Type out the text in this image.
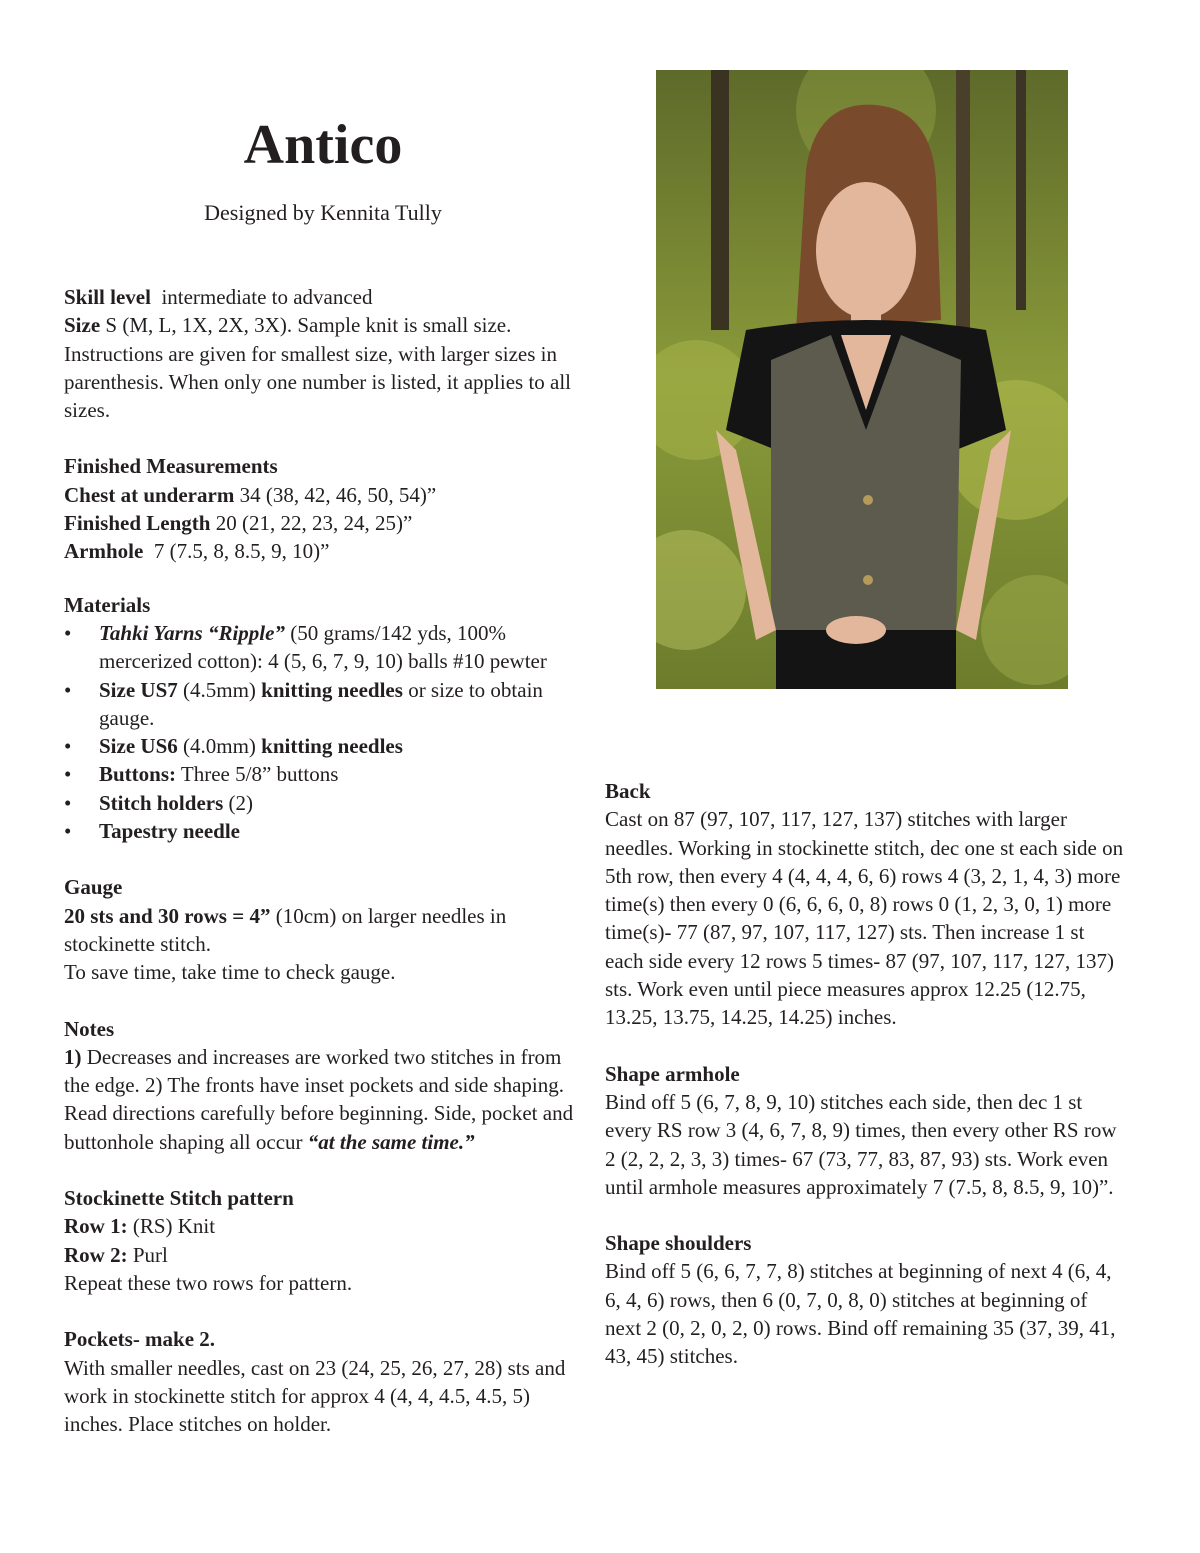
Antico

Designed by Kennita Tully

Skill level intermediate to advanced

Size S (M, L, 1X, 2X, 3X). Sample knit is small size. Instructions are given for smallest size, with larger sizes in parenthesis. When only one number is listed, it applies to all sizes.

Finished Measurements

Chest at underarm 34 (38, 42, 46, 50, 54)”

Finished Length 20 (21, 22, 23, 24, 25)”

Armhole 7 (7.5, 8, 8.5, 9, 10)”

Materials

• Tahki Yarns “Ripple” (50 grams/142 yds, 100% mercerized cotton): 4 (5, 6, 7, 9, 10) balls #10 pewter
• Size US7 (4.5mm) knitting needles or size to obtain gauge.
• Size US6 (4.0mm) knitting needles
• Buttons: Three 5/8” buttons
• Stitch holders (2)
• Tapestry needle

Gauge

20 sts and 30 rows = 4” (10cm) on larger needles in stockinette stitch.

To save time, take time to check gauge.

Notes

1) Decreases and increases are worked two stitches in from the edge. 2) The fronts have inset pockets and side shaping. Read directions carefully before beginning. Side, pocket and buttonhole shaping all occur “at the same time.”

Stockinette Stitch pattern

Row 1: (RS) Knit

Row 2: Purl

Repeat these two rows for pattern.

Pockets- make 2.

With smaller needles, cast on 23 (24, 25, 26, 27, 28) sts and work in stockinette stitch for approx 4 (4, 4, 4.5, 4.5, 5) inches. Place stitches on holder.

Back

Cast on 87 (97, 107, 117, 127, 137) stitches with larger needles. Working in stockinette stitch, dec one st each side on 5th row, then every 4 (4, 4, 4, 6, 6) rows 4 (3, 2, 1, 4, 3) more time(s) then every 0 (6, 6, 6, 0, 8) rows 0 (1, 2, 3, 0, 1) more time(s)- 77 (87, 97, 107, 117, 127) sts. Then increase 1 st each side every 12 rows 5 times- 87 (97, 107, 117, 127, 137) sts. Work even until piece measures approx 12.25 (12.75, 13.25, 13.75, 14.25, 14.25) inches.

Shape armhole

Bind off 5 (6, 7, 8, 9, 10) stitches each side, then dec 1 st every RS row 3 (4, 6, 7, 8, 9) times, then every other RS row 2 (2, 2, 2, 3, 3) times- 67 (73, 77, 83, 87, 93) sts. Work even until armhole measures approximately 7 (7.5, 8, 8.5, 9, 10)”.

Shape shoulders

Bind off 5 (6, 6, 7, 7, 8) stitches at beginning of next 4 (6, 4, 6, 4, 6) rows, then 6 (0, 7, 0, 8, 0) stitches at beginning of next 2 (0, 2, 0, 2, 0) rows. Bind off remaining 35 (37, 39, 41, 43, 45) stitches.
